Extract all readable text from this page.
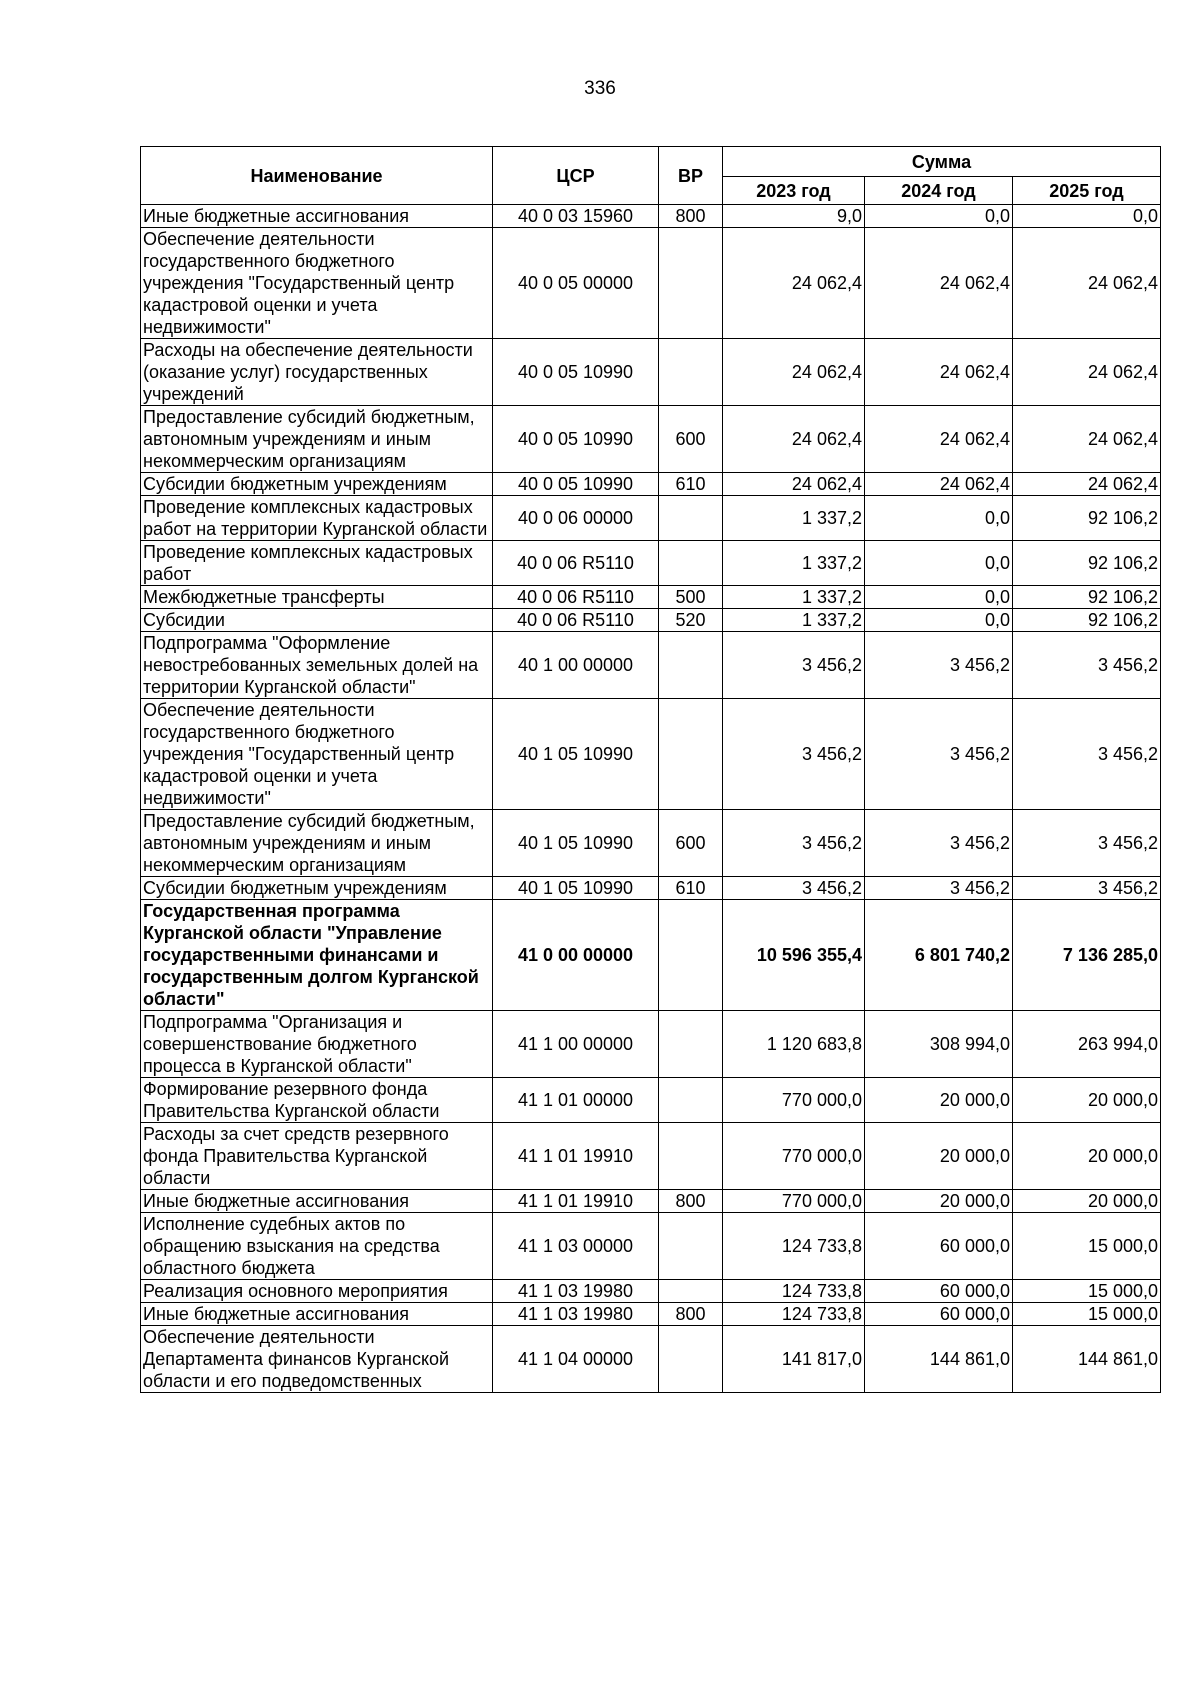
336
Наименование	ЦСР	ВР	Сумма		
			2023 год	2024 год	2025 год
Иные бюджетные ассигнования	40 0 03 15960	800	9,0	0,0	0,0
Обеспечение деятельности государственного бюджетного учреждения "Государственный центр кадастровой оценки и учета недвижимости"	40 0 05 00000		24 062,4	24 062,4	24 062,4
Расходы на обеспечение деятельности (оказание услуг) государственных учреждений	40 0 05 10990		24 062,4	24 062,4	24 062,4
Предоставление субсидий бюджетным, автономным учреждениям и иным некоммерческим организациям	40 0 05 10990	600	24 062,4	24 062,4	24 062,4
Субсидии бюджетным учреждениям	40 0 05 10990	610	24 062,4	24 062,4	24 062,4
Проведение комплексных кадастровых работ на территории Курганской области	40 0 06 00000		1 337,2	0,0	92 106,2
Проведение комплексных кадастровых работ	40 0 06 R5110		1 337,2	0,0	92 106,2
Межбюджетные трансферты	40 0 06 R5110	500	1 337,2	0,0	92 106,2
Субсидии	40 0 06 R5110	520	1 337,2	0,0	92 106,2
Подпрограмма "Оформление невостребованных земельных долей на территории Курганской области"	40 1 00 00000		3 456,2	3 456,2	3 456,2
Обеспечение деятельности государственного бюджетного учреждения "Государственный центр кадастровой оценки и учета недвижимости"	40 1 05 10990		3 456,2	3 456,2	3 456,2
Предоставление субсидий бюджетным, автономным учреждениям и иным некоммерческим организациям	40 1 05 10990	600	3 456,2	3 456,2	3 456,2
Субсидии бюджетным учреждениям	40 1 05 10990	610	3 456,2	3 456,2	3 456,2
Государственная программа Курганской области "Управление государственными финансами и государственным долгом Курганской области"	41 0 00 00000		10 596 355,4	6 801 740,2	7 136 285,0
Подпрограмма "Организация и совершенствование бюджетного процесса в Курганской области"	41 1 00 00000		1 120 683,8	308 994,0	263 994,0
Формирование резервного фонда Правительства Курганской области	41 1 01 00000		770 000,0	20 000,0	20 000,0
Расходы за счет средств резервного фонда Правительства Курганской области	41 1 01 19910		770 000,0	20 000,0	20 000,0
Иные бюджетные ассигнования	41 1 01 19910	800	770 000,0	20 000,0	20 000,0
Исполнение судебных актов по обращению взыскания на средства областного бюджета	41 1 03 00000		124 733,8	60 000,0	15 000,0
Реализация основного мероприятия	41 1 03 19980		124 733,8	60 000,0	15 000,0
Иные бюджетные ассигнования	41 1 03 19980	800	124 733,8	60 000,0	15 000,0
Обеспечение деятельности Департамента финансов Курганской области и его подведомственных	41 1 04 00000		141 817,0	144 861,0	144 861,0
